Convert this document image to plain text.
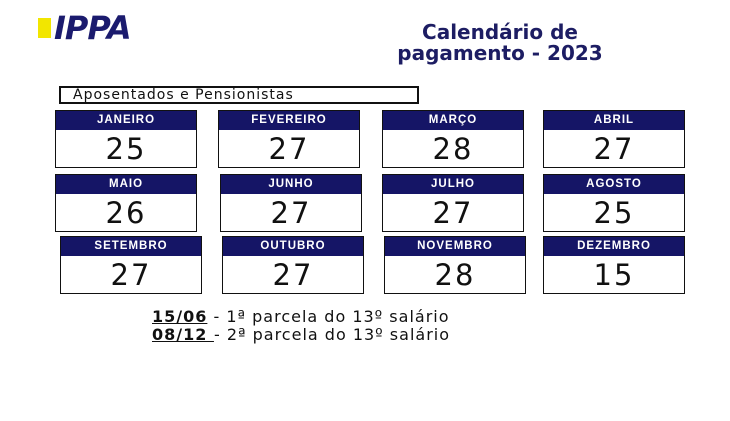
IPPA	Calendário de
pagamento - 2023
Aposentados e Pensionistas
JANEIRO
25
FEVEREIRO
27
MARÇO
28
ABRIL
27
MAIO
26
JUNHO
27
JULHO
27
AGOSTO
25
SETEMBRO
27
OUTUBRO
27
NOVEMBRO
28
DEZEMBRO
15
15/06 - 1ª parcela do 13º salário
08/12 - 2ª parcela do 13º salário
